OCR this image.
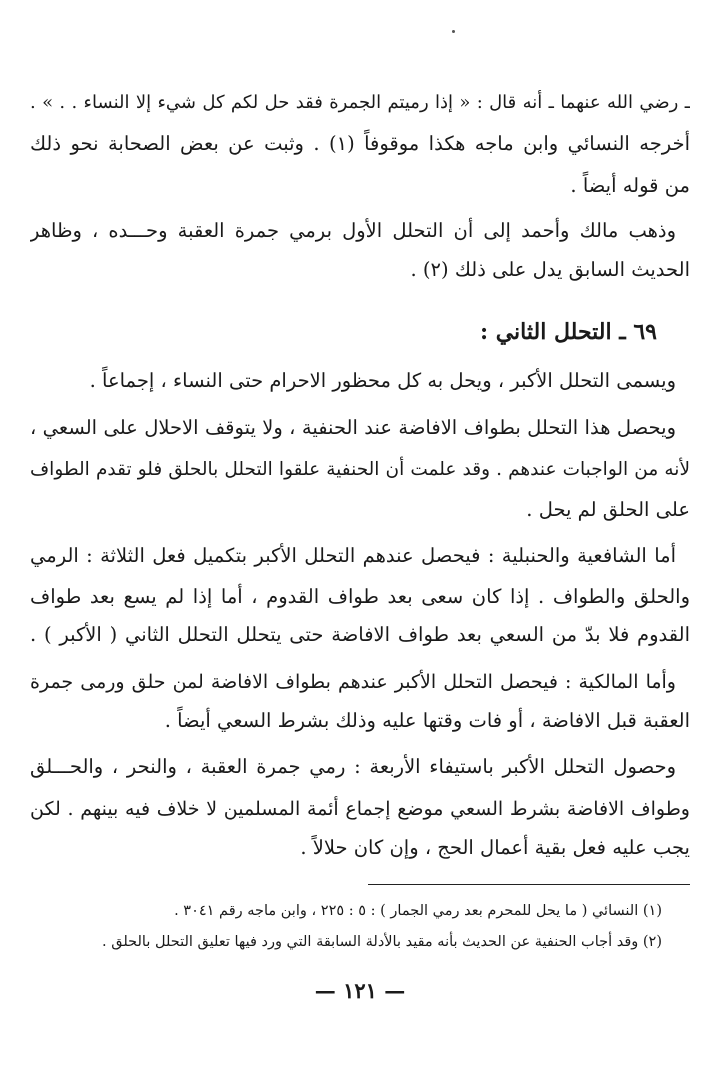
ـ رضي الله عنهما ـ أنه قال : « إذا رميتم الجمرة فقد حل لكم كل شيء إلا النساء . . » .
أخرجه النسائي وابن ماجه هكذا موقوفاً (١) . وثبت عن بعض الصحابة نحو ذلك
من قوله أيضاً .
وذهب مالك وأحمد إلى أن التحلل الأول برمي جمرة العقبة وحـــده ، وظاهر
الحديث السابق يدل على ذلك (٢) .
٦٩ ـ التحلل الثاني :
ويسمى التحلل الأكبر ، ويحل به كل محظور الاحرام حتى النساء ، إجماعاً .
ويحصل هذا التحلل بطواف الافاضة عند الحنفية ، ولا يتوقف الاحلال على السعي ،
لأنه من الواجبات عندهم . وقد علمت أن الحنفية علقوا التحلل بالحلق فلو تقدم الطواف
على الحلق لم يحل .
أما الشافعية والحنبلية : فيحصل عندهم التحلل الأكبر بتكميل فعل الثلاثة : الرمي
والحلق والطواف . إذا كان سعى بعد طواف القدوم ، أما إذا لم يسع بعد طواف
القدوم فلا بدّ من السعي بعد طواف الافاضة حتى يتحلل التحلل الثاني ( الأكبر ) .
وأما المالكية : فيحصل التحلل الأكبر عندهم بطواف الافاضة لمن حلق ورمى جمرة
العقبة قبل الافاضة ، أو فات وقتها عليه وذلك بشرط السعي أيضاً .
وحصول التحلل الأكبر باستيفاء الأربعة : رمي جمرة العقبة ، والنحر ، والحـــلق
وطواف الافاضة بشرط السعي موضع إجماع أئمة المسلمين لا خلاف فيه بينهم . لكن
يجب عليه فعل بقية أعمال الحج ، وإن كان حلالاً .
(١) النسائي ( ما يحل للمحرم بعد رمي الجمار ) : ٥ : ٢٢٥ ، وابن ماجه رقم ٣٠٤١ .
(٢) وقد أجاب الحنفية عن الحديث بأنه مقيد بالأدلة السابقة التي ورد فيها تعليق التحلل بالحلق .
— ١٢١ —
